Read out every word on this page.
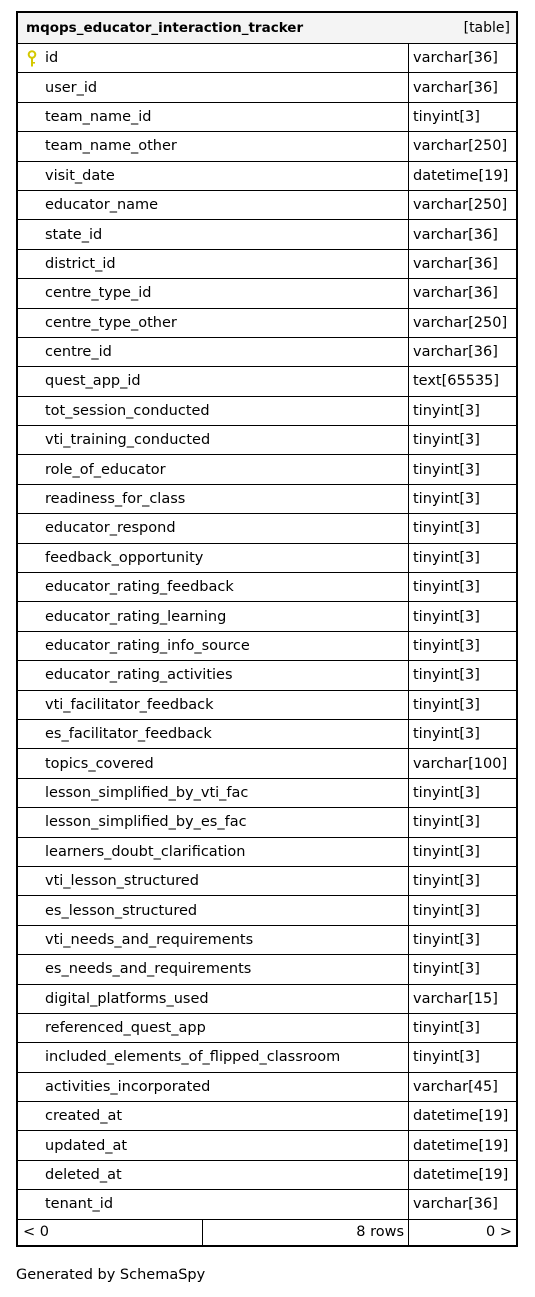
mqops_educator_interaction_tracker	[table]
id	varchar[36]
user_id	varchar[36]
team_name_id	tinyint[3]
team_name_other	varchar[250]
visit_date	datetime[19]
educator_name	varchar[250]
state_id	varchar[36]
district_id	varchar[36]
centre_type_id	varchar[36]
centre_type_other	varchar[250]
centre_id	varchar[36]
quest_app_id	text[65535]
tot_session_conducted	tinyint[3]
vti_training_conducted	tinyint[3]
role_of_educator	tinyint[3]
readiness_for_class	tinyint[3]
educator_respond	tinyint[3]
feedback_opportunity	tinyint[3]
educator_rating_feedback	tinyint[3]
educator_rating_learning	tinyint[3]
educator_rating_info_source	tinyint[3]
educator_rating_activities	tinyint[3]
vti_facilitator_feedback	tinyint[3]
es_facilitator_feedback	tinyint[3]
topics_covered	varchar[100]
lesson_simplified_by_vti_fac	tinyint[3]
lesson_simplified_by_es_fac	tinyint[3]
learners_doubt_clarification	tinyint[3]
vti_lesson_structured	tinyint[3]
es_lesson_structured	tinyint[3]
vti_needs_and_requirements	tinyint[3]
es_needs_and_requirements	tinyint[3]
digital_platforms_used	varchar[15]
referenced_quest_app	tinyint[3]
included_elements_of_flipped_classroom	tinyint[3]
activities_incorporated	varchar[45]
created_at	datetime[19]
updated_at	datetime[19]
deleted_at	datetime[19]
tenant_id	varchar[36]
< 0	8 rows	0 >
Generated by SchemaSpy
